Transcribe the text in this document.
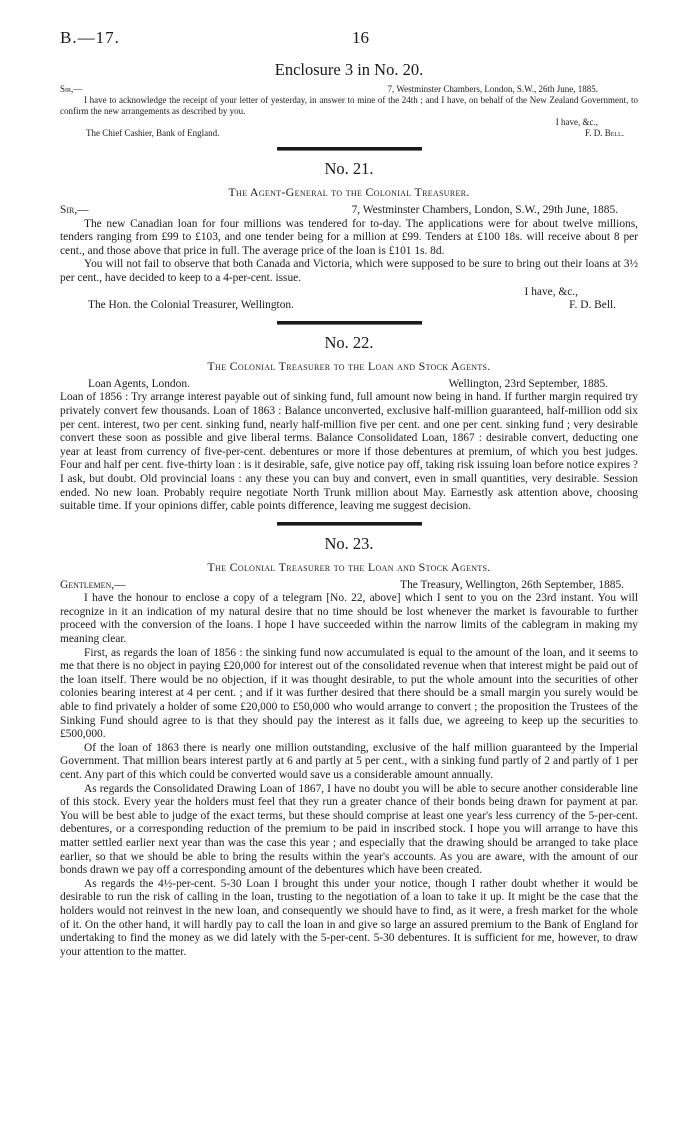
B.—17.	16
Enclosure 3 in No. 20.
Sir,—	7, Westminster Chambers, London, S.W., 26th June, 1885.

I have to acknowledge the receipt of your letter of yesterday, in answer to mine of the 24th ; and I have, on behalf of the New Zealand Government, to confirm the new arrangements as described by you.

I have, &c.,

The Chief Cashier, Bank of England.	F. D. Bell.
No. 21.
The Agent-General to the Colonial Treasurer.
Sir,—	7, Westminster Chambers, London, S.W., 29th June, 1885.

The new Canadian loan for four millions was tendered for to-day. The applications were for about twelve millions, tenders ranging from £99 to £103, and one tender being for a million at £99. Tenders at £100 18s. will receive about 8 per cent., and those above that price in full. The average price of the loan is £101 1s. 8d.

You will not fail to observe that both Canada and Victoria, which were supposed to be sure to bring out their loans at 3½ per cent., have decided to keep to a 4-per-cent. issue.

I have, &c.,

The Hon. the Colonial Treasurer, Wellington.	F. D. Bell.
No. 22.
The Colonial Treasurer to the Loan and Stock Agents.
Loan Agents, London.	Wellington, 23rd September, 1885.

Loan of 1856 : Try arrange interest payable out of sinking fund, full amount now being in hand. If further margin required try privately convert few thousands. Loan of 1863 : Balance unconverted, exclusive half-million guaranteed, half-million odd six per cent. interest, two per cent. sinking fund, nearly half-million five per cent. and one per cent. sinking fund ; very desirable convert these soon as possible and give liberal terms. Balance Consolidated Loan, 1867 : desirable convert, deducting one year at least from currency of five-per-cent. debentures or more if those debentures at premium, of which you best judges. Four and half per cent. five-thirty loan : is it desirable, safe, give notice pay off, taking risk issuing loan before notice expires ? I ask, but doubt. Old provincial loans : any these you can buy and convert, even in small quantities, very desirable. Session ended. No new loan. Probably require negotiate North Trunk million about May. Earnestly ask attention above, choosing suitable time. If your opinions differ, cable points difference, leaving me suggest decision.

No. 23.
The Colonial Treasurer to the Loan and Stock Agents.
Gentlemen,—	The Treasury, Wellington, 26th September, 1885.

I have the honour to enclose a copy of a telegram [No. 22, above] which I sent to you on the 23rd instant. You will recognize in it an indication of my natural desire that no time should be lost whenever the market is favourable to further proceed with the conversion of the loans. I hope I have succeeded within the narrow limits of the cablegram in making my meaning clear.

First, as regards the loan of 1856 : the sinking fund now accumulated is equal to the amount of the loan, and it seems to me that there is no object in paying £20,000 for interest out of the consolidated revenue when that interest might be paid out of the loan itself. There would be no objection, if it was thought desirable, to put the whole amount into the securities of other colonies bearing interest at 4 per cent. ; and if it was further desired that there should be a small margin you surely would be able to find privately a holder of some £20,000 to £50,000 who would arrange to convert ; the proposition the Trustees of the Sinking Fund should agree to is that they should pay the interest as it falls due, we agreeing to keep up the securities to £500,000.

Of the loan of 1863 there is nearly one million outstanding, exclusive of the half million guaranteed by the Imperial Government. That million bears interest partly at 6 and partly at 5 per cent., with a sinking fund partly of 2 and partly of 1 per cent. Any part of this which could be converted would save us a considerable amount annually.

As regards the Consolidated Drawing Loan of 1867, I have no doubt you will be able to secure another considerable line of this stock. Every year the holders must feel that they run a greater chance of their bonds being drawn for payment at par. You will be best able to judge of the exact terms, but these should comprise at least one year's less currency of the 5-per-cent. debentures, or a corresponding reduction of the premium to be paid in inscribed stock. I hope you will arrange to have this matter settled earlier next year than was the case this year ; and especially that the drawing should be arranged to take place earlier, so that we should be able to bring the results within the year's accounts. As you are aware, with the amount of our bonds drawn we pay off a corresponding amount of the debentures which have been created.

As regards the 4½-per-cent. 5-30 Loan I brought this under your notice, though I rather doubt whether it would be desirable to run the risk of calling in the loan, trusting to the negotiation of a loan to take it up. It might be the case that the holders would not reinvest in the new loan, and consequently we should have to find, as it were, a fresh market for the whole of it. On the other hand, it will hardly pay to call the loan in and give so large an assured premium to the Bank of England for undertaking to find the money as we did lately with the 5-per-cent. 5-30 debentures. It is sufficient for me, however, to draw your attention to the matter.
